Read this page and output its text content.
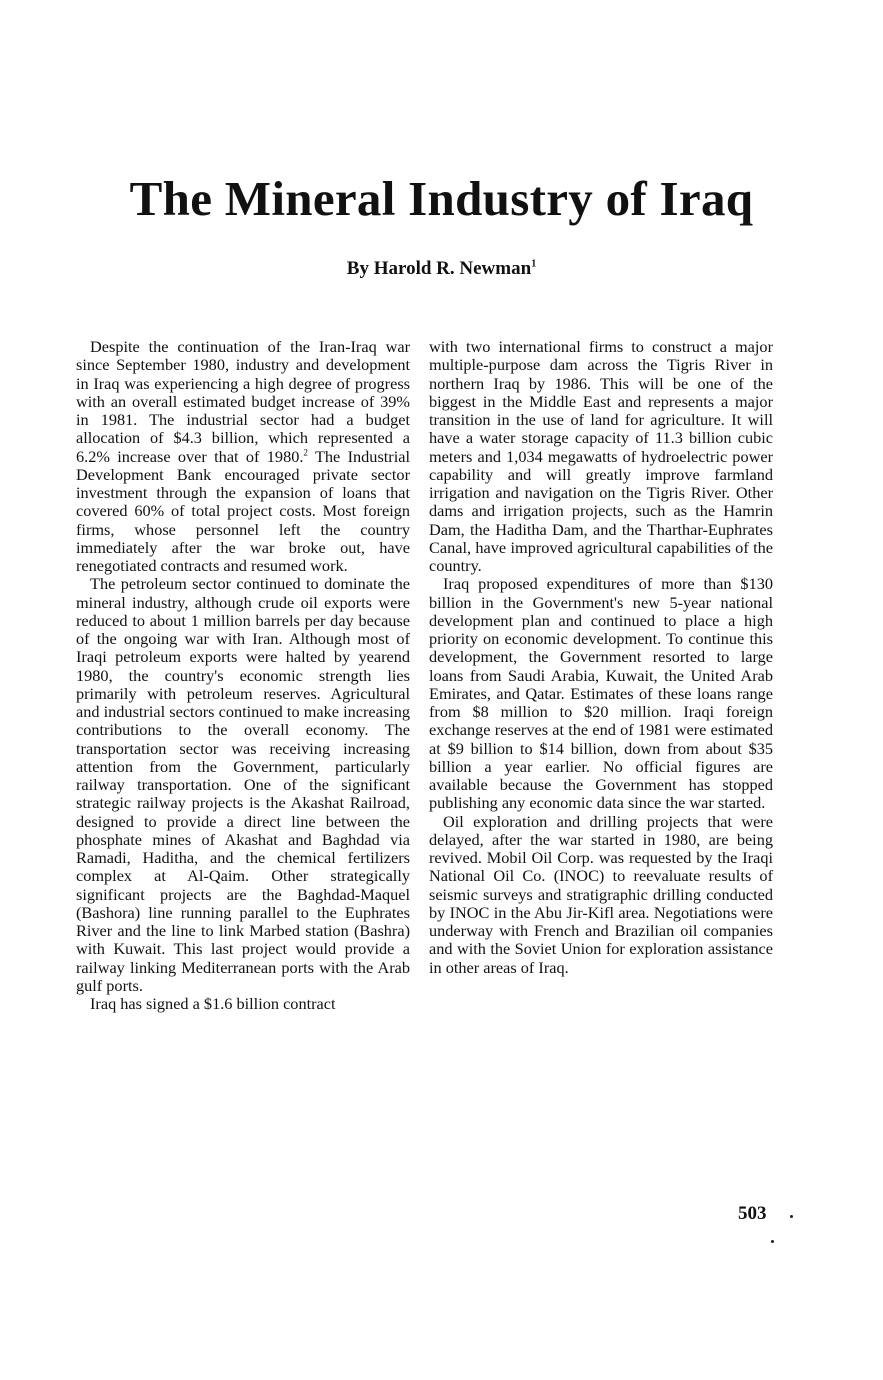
The Mineral Industry of Iraq
By Harold R. Newman$^1$

Despite the continuation of the Iran-Iraq war since September 1980, industry and development in Iraq was experiencing a high degree of progress with an overall estimated budget increase of 39% in 1981. The industrial sector had a budget allocation of $4.3 billion, which represented a 6.2% increase over that of 1980.$^2$ The Industrial Development Bank encouraged private sector investment through the expansion of loans that covered 60% of total project costs. Most foreign firms, whose personnel left the country immediately after the war broke out, have renegotiated contracts and resumed work.

The petroleum sector continued to dominate the mineral industry, although crude oil exports were reduced to about 1 million barrels per day because of the ongoing war with Iran. Although most of Iraqi petroleum exports were halted by yearend 1980, the country's economic strength lies primarily with petroleum reserves. Agricultural and industrial sectors continued to make increasing contributions to the overall economy. The transportation sector was receiving increasing attention from the Government, particularly railway transportation. One of the significant strategic railway projects is the Akashat Railroad, designed to provide a direct line between the phosphate mines of Akashat and Baghdad via Ramadi, Haditha, and the chemical fertilizers complex at Al-Qaim. Other strategically significant projects are the Baghdad-Maquel (Bashora) line running parallel to the Euphrates River and the line to link Marbed station (Bashra) with Kuwait. This last project would provide a railway linking Mediterranean ports with the Arab gulf ports.

Iraq has signed a $1.6 billion contract

with two international firms to construct a major multiple-purpose dam across the Tigris River in northern Iraq by 1986. This will be one of the biggest in the Middle East and represents a major transition in the use of land for agriculture. It will have a water storage capacity of 11.3 billion cubic meters and 1,034 megawatts of hydroelectric power capability and will greatly improve farmland irrigation and navigation on the Tigris River. Other dams and irrigation projects, such as the Hamrin Dam, the Haditha Dam, and the Tharthar-Euphrates Canal, have improved agricultural capabilities of the country.

Iraq proposed expenditures of more than $130 billion in the Government's new 5-year national development plan and continued to place a high priority on economic development. To continue this development, the Government resorted to large loans from Saudi Arabia, Kuwait, the United Arab Emirates, and Qatar. Estimates of these loans range from $8 million to $20 million. Iraqi foreign exchange reserves at the end of 1981 were estimated at $9 billion to $14 billion, down from about $35 billion a year earlier. No official figures are available because the Government has stopped publishing any economic data since the war started.

Oil exploration and drilling projects that were delayed, after the war started in 1980, are being revived. Mobil Oil Corp. was requested by the Iraqi National Oil Co. (INOC) to reevaluate results of seismic surveys and stratigraphic drilling conducted by INOC in the Abu Jir-Kifl area. Negotiations were underway with French and Brazilian oil companies and with the Soviet Union for exploration assistance in other areas of Iraq.

503
